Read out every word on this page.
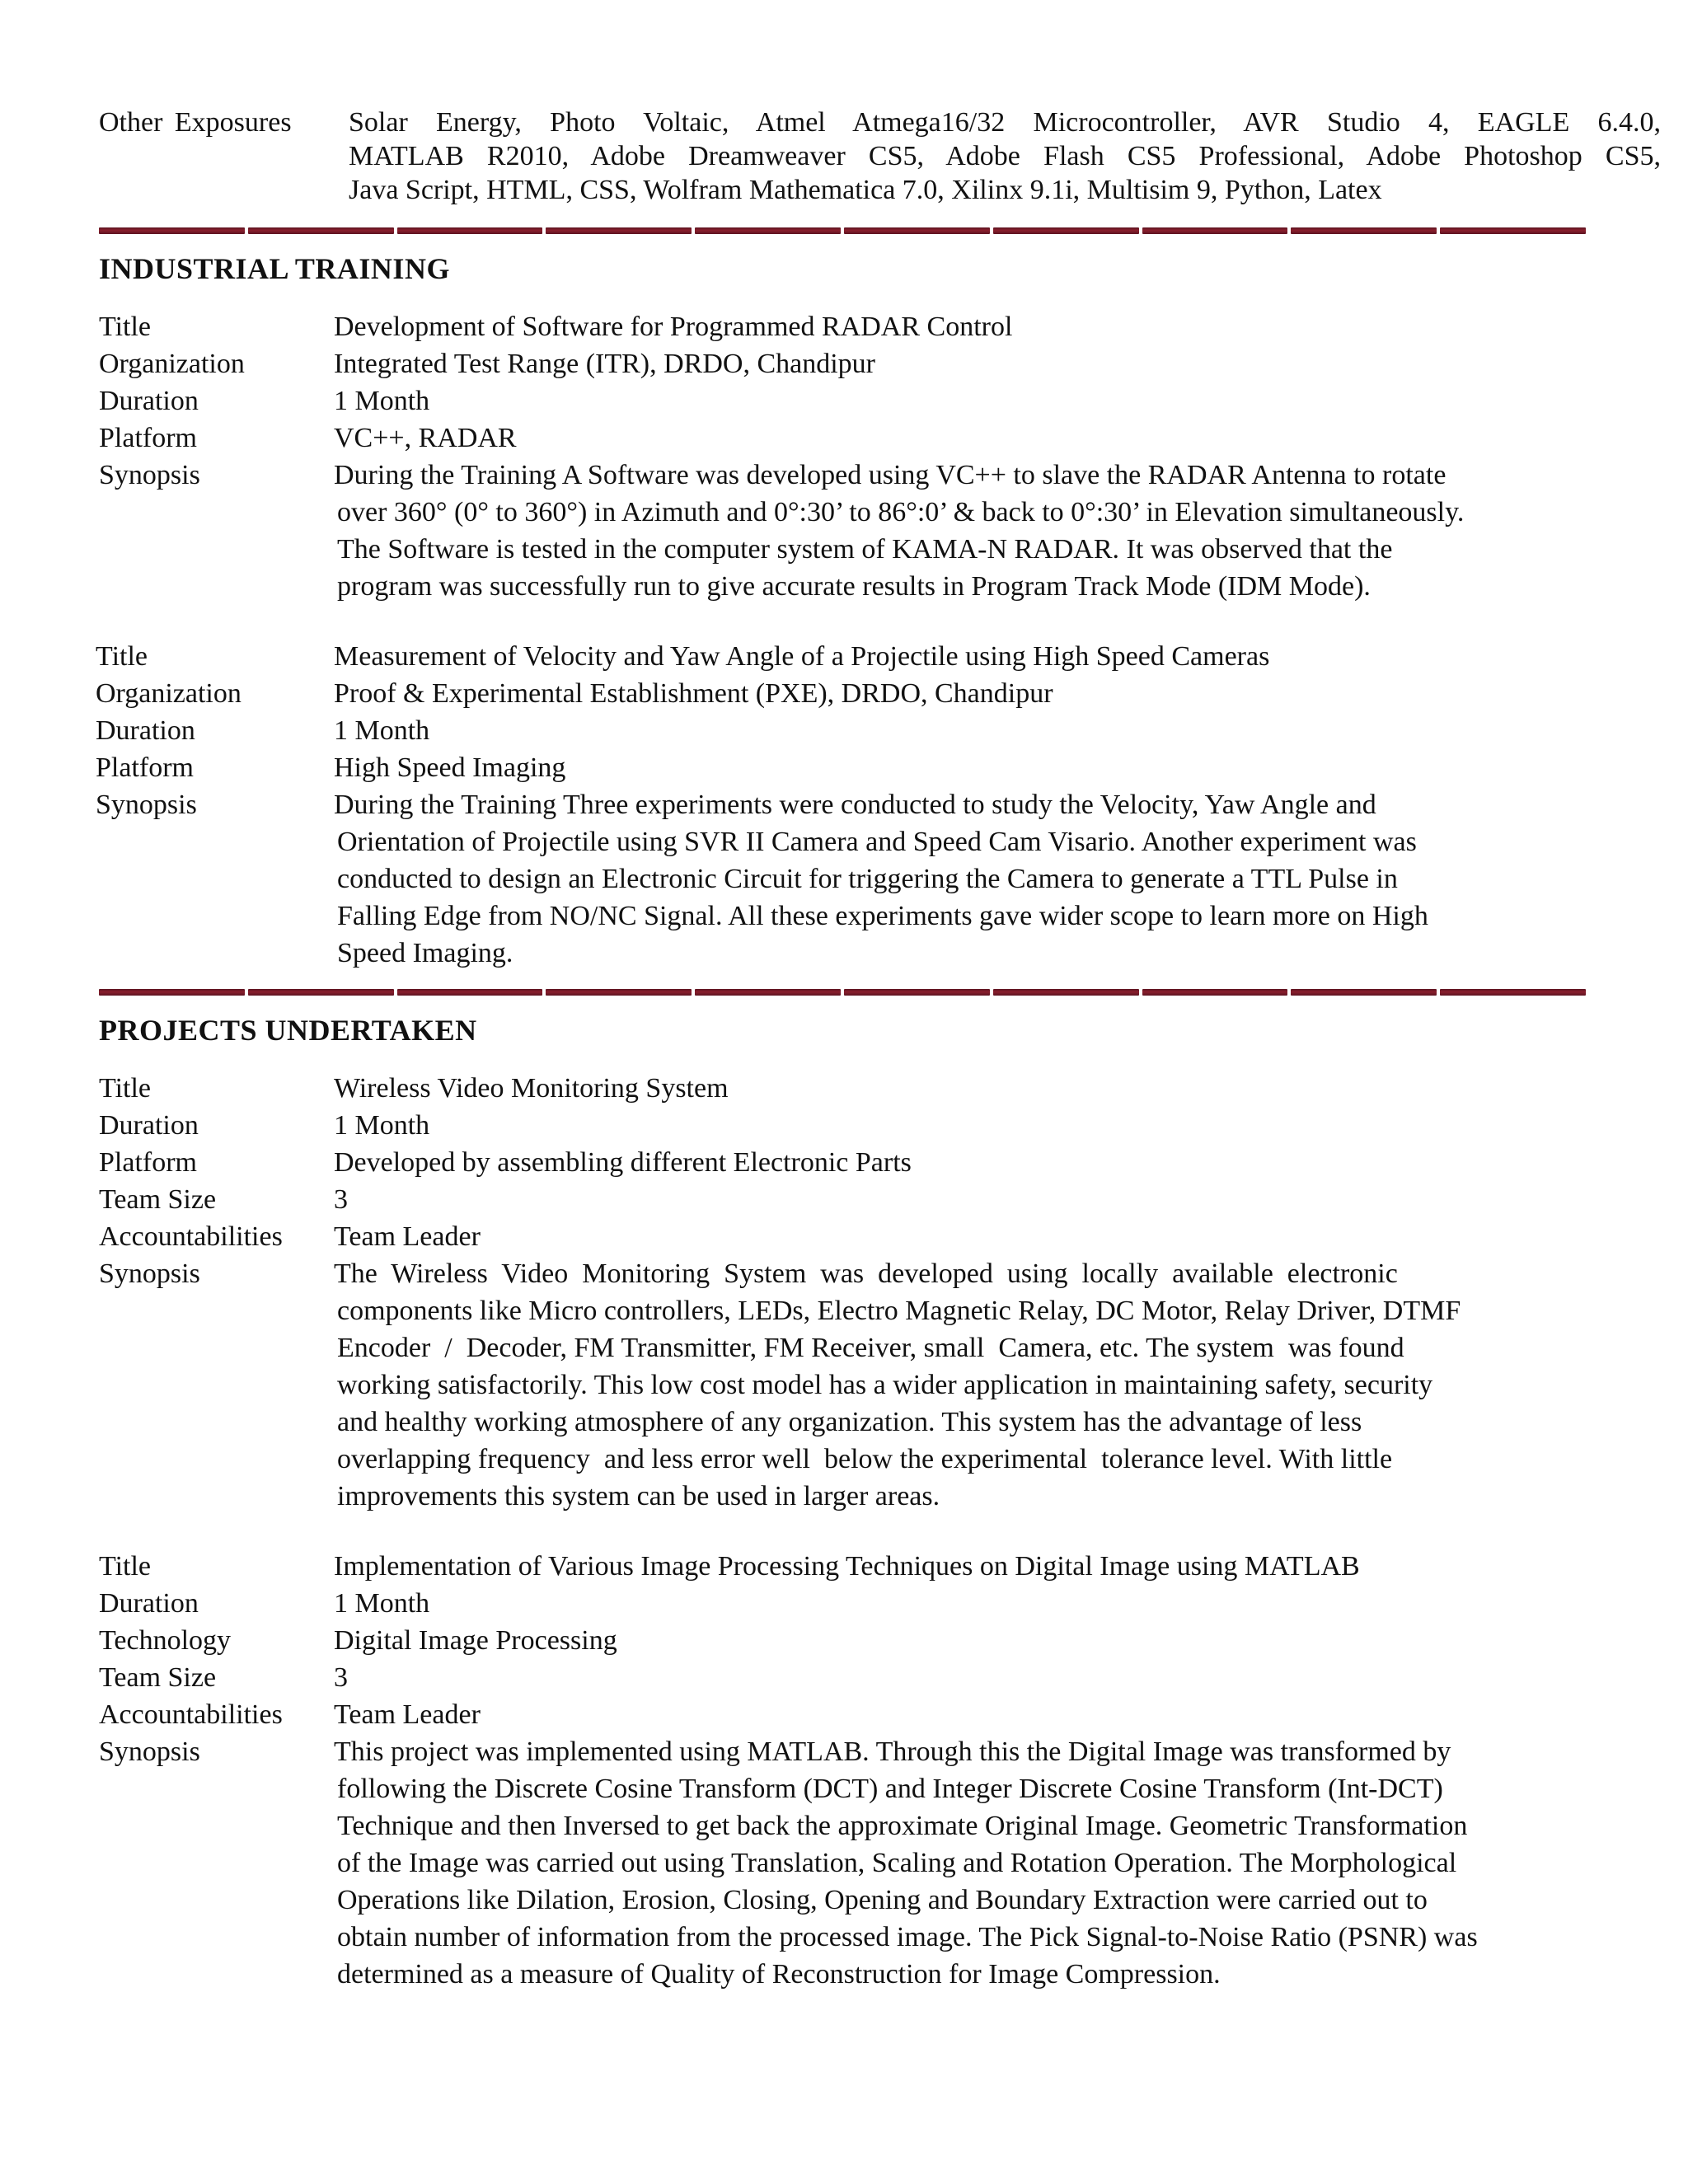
Other Exposures Solar Energy, Photo Voltaic, Atmel Atmega16/32 Microcontroller, AVR Studio 4, EAGLE 6.4.0,
MATLAB R2010, Adobe Dreamweaver CS5, Adobe Flash CS5 Professional, Adobe Photoshop CS5,
Java Script, HTML, CSS, Wolfram Mathematica 7.0, Xilinx 9.1i, Multisim 9, Python, Latex
INDUSTRIAL TRAINING
Title	Development of Software for Programmed RADAR Control
Organization	Integrated Test Range (ITR), DRDO, Chandipur
Duration	1 Month
Platform	VC++, RADAR
Synopsis	During the Training A Software was developed using VC++ to slave the RADAR Antenna to rotate
over 360° (0° to 360°) in Azimuth and 0°:30’ to 86°:0’ & back to 0°:30’ in Elevation simultaneously.
The Software is tested in the computer system of KAMA-N RADAR. It was observed that the
program was successfully run to give accurate results in Program Track Mode (IDM Mode).
Title	Measurement of Velocity and Yaw Angle of a Projectile using High Speed Cameras
Organization	Proof & Experimental Establishment (PXE), DRDO, Chandipur
Duration	1 Month
Platform	High Speed Imaging
Synopsis	During the Training Three experiments were conducted to study the Velocity, Yaw Angle and
Orientation of Projectile using SVR II Camera and Speed Cam Visario. Another experiment was
conducted to design an Electronic Circuit for triggering the Camera to generate a TTL Pulse in
Falling Edge from NO/NC Signal. All these experiments gave wider scope to learn more on High
Speed Imaging.
PROJECTS UNDERTAKEN
Title	Wireless Video Monitoring System
Duration	1 Month
Platform	Developed by assembling different Electronic Parts
Team Size	3
Accountabilities Team Leader
Synopsis	The  Wireless  Video  Monitoring  System  was  developed  using  locally  available  electronic
components like Micro controllers, LEDs, Electro Magnetic Relay, DC Motor, Relay Driver, DTMF
Encoder  /  Decoder, FM Transmitter, FM Receiver, small  Camera, etc. The system  was found
working satisfactorily. This low cost model has a wider application in maintaining safety, security
and healthy working atmosphere of any organization. This system has the advantage of less
overlapping frequency  and less error well  below the experimental  tolerance level. With little
improvements this system can be used in larger areas.
Title	Implementation of Various Image Processing Techniques on Digital Image using MATLAB
Duration	1 Month
Technology	Digital Image Processing
Team Size	3
Accountabilities Team Leader
Synopsis	This project was implemented using MATLAB. Through this the Digital Image was transformed by
following the Discrete Cosine Transform (DCT) and Integer Discrete Cosine Transform (Int-DCT)
Technique and then Inversed to get back the approximate Original Image. Geometric Transformation
of the Image was carried out using Translation, Scaling and Rotation Operation. The Morphological
Operations like Dilation, Erosion, Closing, Opening and Boundary Extraction were carried out to
obtain number of information from the processed image. The Pick Signal-to-Noise Ratio (PSNR) was
determined as a measure of Quality of Reconstruction for Image Compression.
